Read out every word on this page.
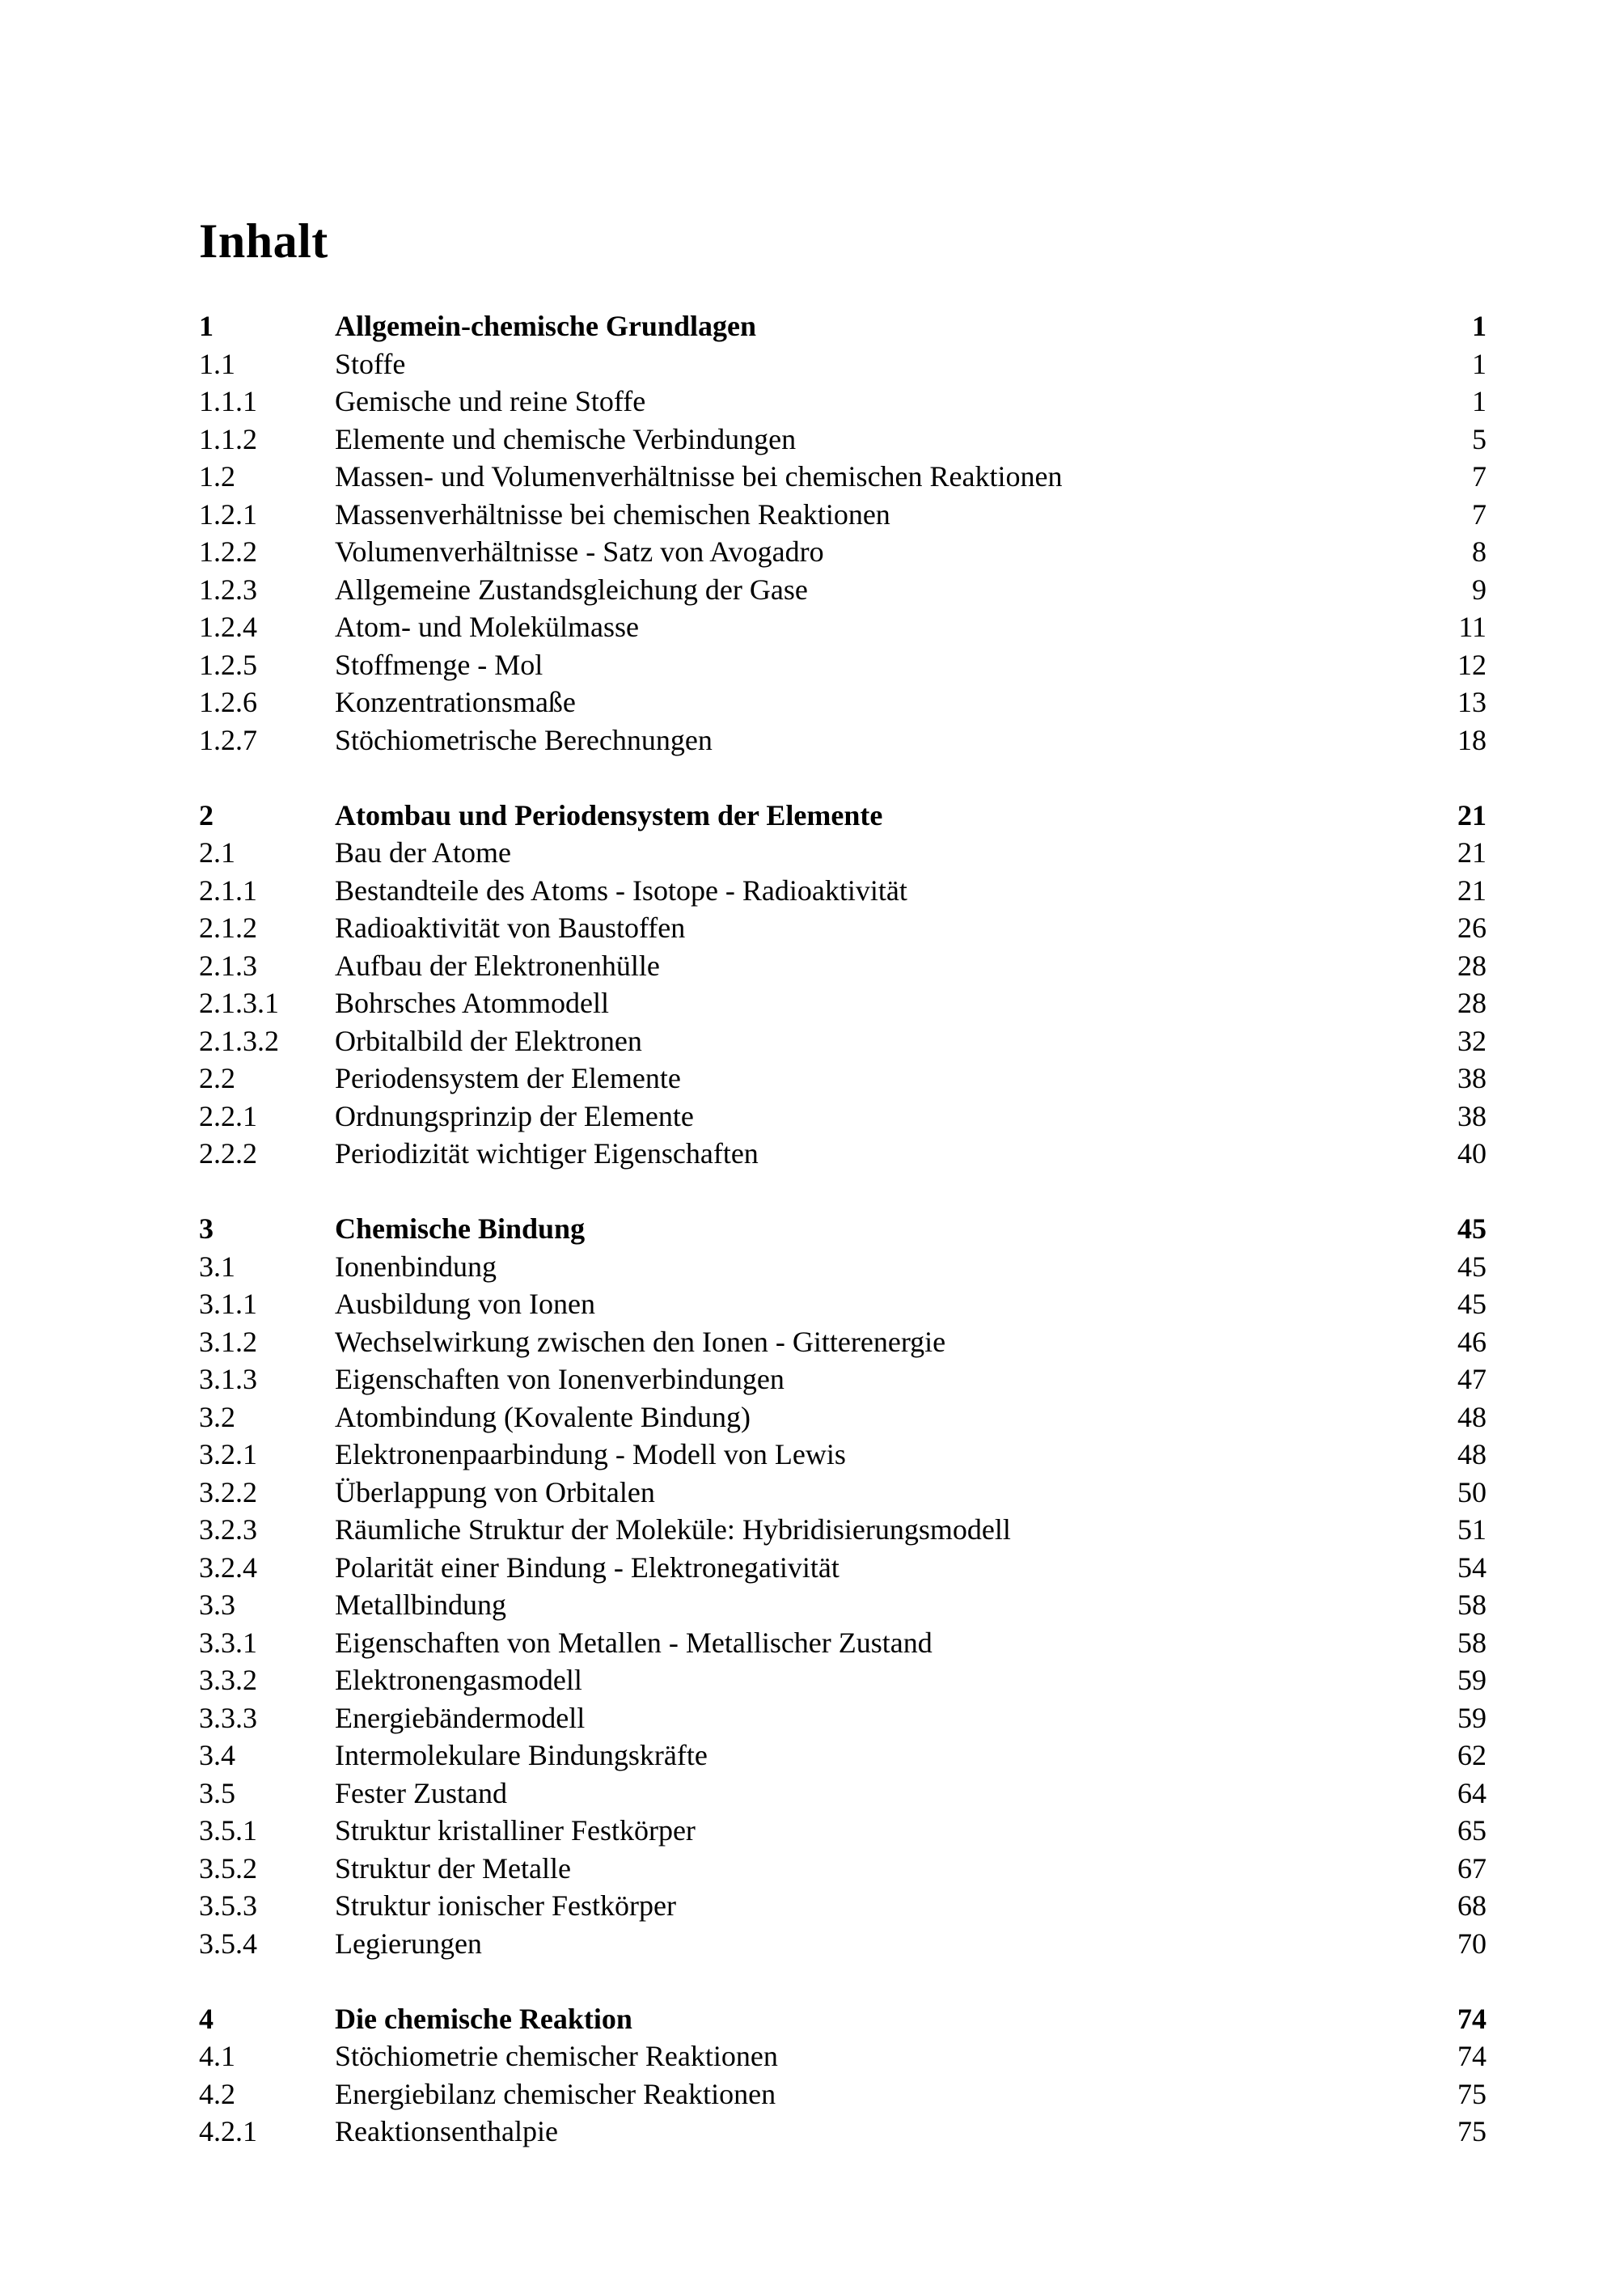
Inhalt
1	Allgemein-chemische Grundlagen	1
1.1	Stoffe	1
1.1.1	Gemische und reine Stoffe	1
1.1.2	Elemente und chemische Verbindungen	5
1.2	Massen- und Volumenverhältnisse bei chemischen Reaktionen	7
1.2.1	Massenverhältnisse bei chemischen Reaktionen	7
1.2.2	Volumenverhältnisse - Satz von Avogadro	8
1.2.3	Allgemeine Zustandsgleichung der Gase	9
1.2.4	Atom- und Molekülmasse	11
1.2.5	Stoffmenge - Mol	12
1.2.6	Konzentrationsmaße	13
1.2.7	Stöchiometrische Berechnungen	18
2	Atombau und Periodensystem der Elemente	21
2.1	Bau der Atome	21
2.1.1	Bestandteile des Atoms - Isotope - Radioaktivität	21
2.1.2	Radioaktivität von Baustoffen	26
2.1.3	Aufbau der Elektronenhülle	28
2.1.3.1	Bohrsches Atommodell	28
2.1.3.2	Orbitalbild der Elektronen	32
2.2	Periodensystem der Elemente	38
2.2.1	Ordnungsprinzip der Elemente	38
2.2.2	Periodizität wichtiger Eigenschaften	40
3	Chemische Bindung	45
3.1	Ionenbindung	45
3.1.1	Ausbildung von Ionen	45
3.1.2	Wechselwirkung zwischen den Ionen - Gitterenergie	46
3.1.3	Eigenschaften von Ionenverbindungen	47
3.2	Atombindung (Kovalente Bindung)	48
3.2.1	Elektronenpaarbindung - Modell von Lewis	48
3.2.2	Überlappung von Orbitalen	50
3.2.3	Räumliche Struktur der Moleküle: Hybridisierungsmodell	51
3.2.4	Polarität einer Bindung - Elektronegativität	54
3.3	Metallbindung	58
3.3.1	Eigenschaften von Metallen - Metallischer Zustand	58
3.3.2	Elektronengasmodell	59
3.3.3	Energiebändermodell	59
3.4	Intermolekulare Bindungskräfte	62
3.5	Fester Zustand	64
3.5.1	Struktur kristalliner Festkörper	65
3.5.2	Struktur der Metalle	67
3.5.3	Struktur ionischer Festkörper	68
3.5.4	Legierungen	70
4	Die chemische Reaktion	74
4.1	Stöchiometrie chemischer Reaktionen	74
4.2	Energiebilanz chemischer Reaktionen	75
4.2.1	Reaktionsenthalpie	75
